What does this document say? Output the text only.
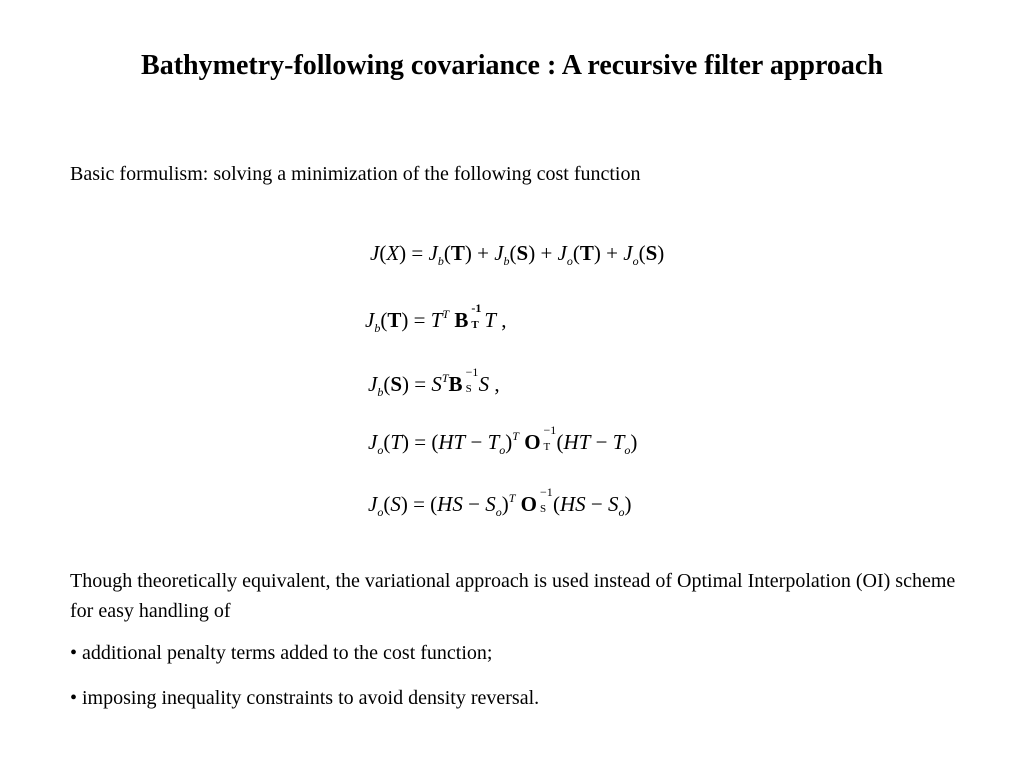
Bathymetry-following covariance : A recursive filter approach
Basic formulism: solving a minimization of the following cost function
$J(X) = J_b(T) + J_b(S) + J_o(T) + J_o(S)$
$J_b(T) = T^T$ B -1
T T ,
$J_b(S) = S^TB -1$
S S ,
$J_o(T) = (HT - T_o)^T$ O −1
T $(HT - T_o)$
$J_o(S) = (HS - S_o)^T$ O −1
S $(HS - S_o)$
Though theoretically equivalent, the variational approach is used instead of Optimal Interpolation (OI) scheme for easy handling of
• additional penalty terms added to the cost function;
• imposing inequality constraints to avoid density reversal.
